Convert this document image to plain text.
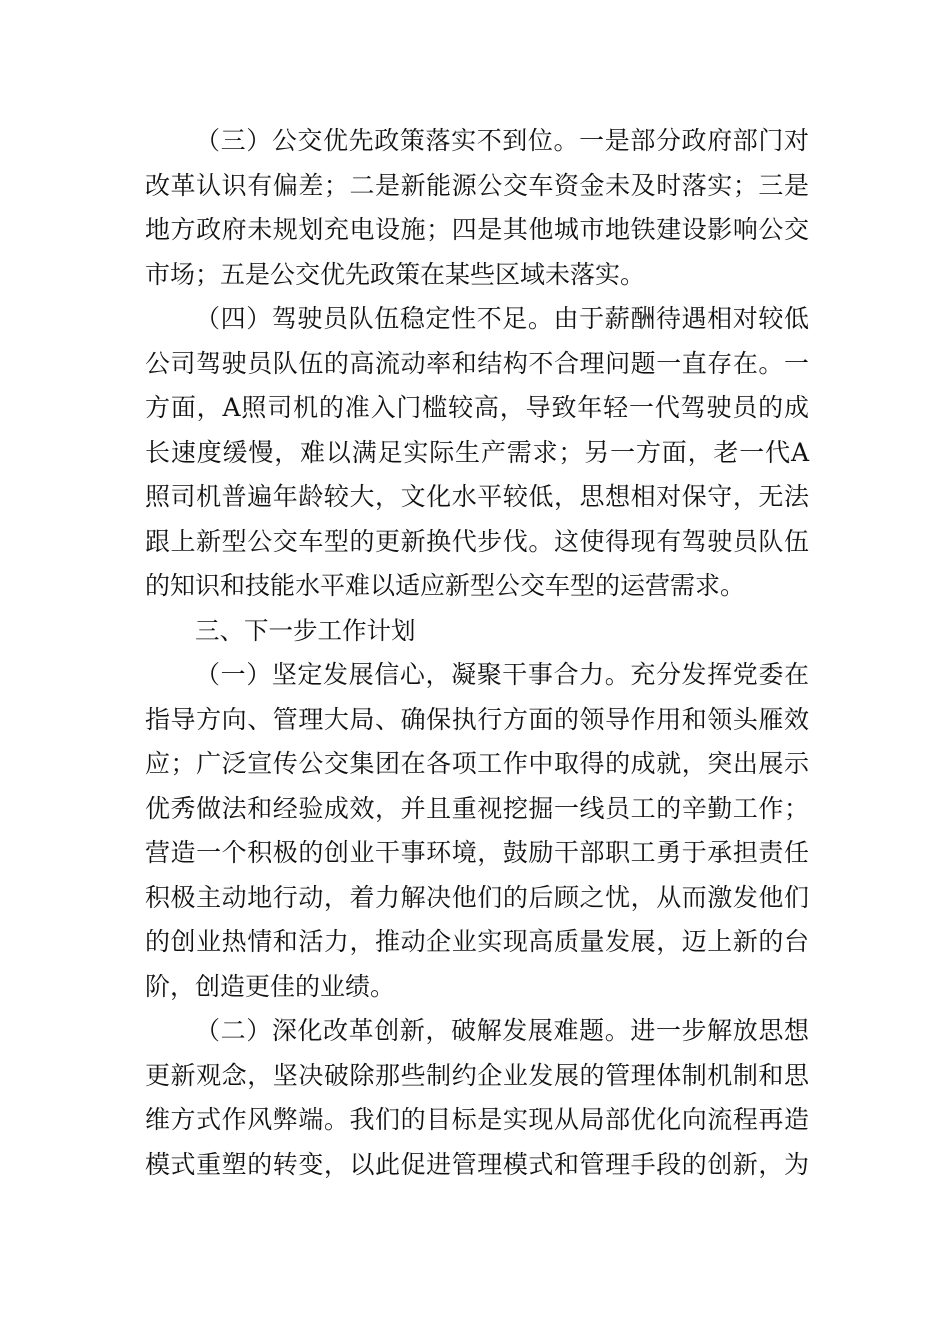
（三）公交优先政策落实不到位。一是部分政府部门对
改革认识有偏差；二是新能源公交车资金未及时落实；三是
地方政府未规划充电设施；四是其他城市地铁建设影响公交
市场；五是公交优先政策在某些区域未落实。
（四）驾驶员队伍稳定性不足。由于薪酬待遇相对较低
公司驾驶员队伍的高流动率和结构不合理问题一直存在。一
方面，A照司机的准入门槛较高，导致年轻一代驾驶员的成
长速度缓慢，难以满足实际生产需求；另一方面，老一代A
照司机普遍年龄较大，文化水平较低，思想相对保守，无法
跟上新型公交车型的更新换代步伐。这使得现有驾驶员队伍
的知识和技能水平难以适应新型公交车型的运营需求。
三、下一步工作计划
（一）坚定发展信心，凝聚干事合力。充分发挥党委在
指导方向、管理大局、确保执行方面的领导作用和领头雁效
应；广泛宣传公交集团在各项工作中取得的成就，突出展示
优秀做法和经验成效，并且重视挖掘一线员工的辛勤工作；
营造一个积极的创业干事环境，鼓励干部职工勇于承担责任
积极主动地行动，着力解决他们的后顾之忧，从而激发他们
的创业热情和活力，推动企业实现高质量发展，迈上新的台
阶，创造更佳的业绩。
（二）深化改革创新，破解发展难题。进一步解放思想
更新观念，坚决破除那些制约企业发展的管理体制机制和思
维方式作风弊端。我们的目标是实现从局部优化向流程再造
模式重塑的转变，以此促进管理模式和管理手段的创新，为
